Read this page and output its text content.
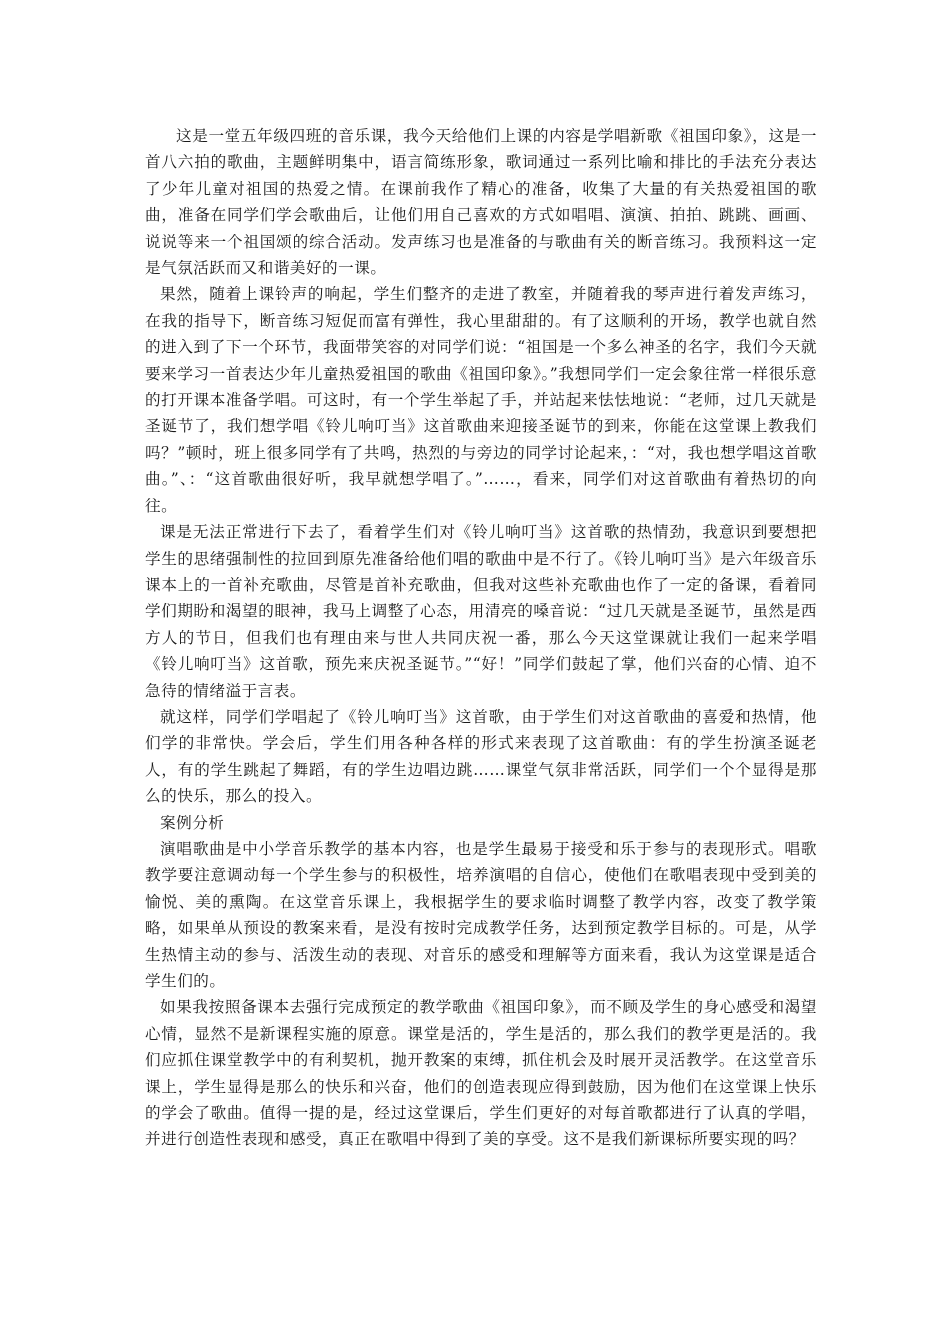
这是一堂五年级四班的音乐课，我今天给他们上课的内容是学唱新歌《祖国印象》，这是一首八六拍的歌曲，主题鲜明集中，语言简练形象，歌词通过一系列比喻和排比的手法充分表达了少年儿童对祖国的热爱之情。在课前我作了精心的准备，收集了大量的有关热爱祖国的歌曲，准备在同学们学会歌曲后，让他们用自己喜欢的方式如唱唱、演演、拍拍、跳跳、画画、说说等来一个祖国颂的综合活动。发声练习也是准备的与歌曲有关的断音练习。我预料这一定是气氛活跃而又和谐美好的一课。

果然，随着上课铃声的响起，学生们整齐的走进了教室，并随着我的琴声进行着发声练习，在我的指导下，断音练习短促而富有弹性，我心里甜甜的。有了这顺利的开场，教学也就自然的进入到了下一个环节，我面带笑容的对同学们说：“祖国是一个多么神圣的名字，我们今天就要来学习一首表达少年儿童热爱祖国的歌曲《祖国印象》。”我想同学们一定会象往常一样很乐意的打开课本准备学唱。可这时，有一个学生举起了手，并站起来怯怯地说：“老师，过几天就是圣诞节了，我们想学唱《铃儿响叮当》这首歌曲来迎接圣诞节的到来，你能在这堂课上教我们吗？”顿时，班上很多同学有了共鸣，热烈的与旁边的同学讨论起来，：“对，我也想学唱这首歌曲。”、：“这首歌曲很好听，我早就想学唱了。”……，看来，同学们对这首歌曲有着热切的向往。

课是无法正常进行下去了，看着学生们对《铃儿响叮当》这首歌的热情劲，我意识到要想把学生的思绪强制性的拉回到原先准备给他们唱的歌曲中是不行了。《铃儿响叮当》是六年级音乐课本上的一首补充歌曲，尽管是首补充歌曲，但我对这些补充歌曲也作了一定的备课，看着同学们期盼和渴望的眼神，我马上调整了心态，用清亮的嗓音说：“过几天就是圣诞节，虽然是西方人的节日，但我们也有理由来与世人共同庆祝一番，那么今天这堂课就让我们一起来学唱《铃儿响叮当》这首歌，预先来庆祝圣诞节。”“好！”同学们鼓起了掌，他们兴奋的心情、迫不急待的情绪溢于言表。

就这样，同学们学唱起了《铃儿响叮当》这首歌，由于学生们对这首歌曲的喜爱和热情，他们学的非常快。学会后，学生们用各种各样的形式来表现了这首歌曲：有的学生扮演圣诞老人，有的学生跳起了舞蹈，有的学生边唱边跳……课堂气氛非常活跃，同学们一个个显得是那么的快乐，那么的投入。

案例分析

演唱歌曲是中小学音乐教学的基本内容，也是学生最易于接受和乐于参与的表现形式。唱歌教学要注意调动每一个学生参与的积极性，培养演唱的自信心，使他们在歌唱表现中受到美的愉悦、美的熏陶。在这堂音乐课上，我根据学生的要求临时调整了教学内容，改变了教学策略，如果单从预设的教案来看，是没有按时完成教学任务，达到预定教学目标的。可是，从学生热情主动的参与、活泼生动的表现、对音乐的感受和理解等方面来看，我认为这堂课是适合学生们的。

如果我按照备课本去强行完成预定的教学歌曲《祖国印象》，而不顾及学生的身心感受和渴望心情，显然不是新课程实施的原意。课堂是活的，学生是活的，那么我们的教学更是活的。我们应抓住课堂教学中的有利契机，抛开教案的束缚，抓住机会及时展开灵活教学。在这堂音乐课上，学生显得是那么的快乐和兴奋，他们的创造表现应得到鼓励，因为他们在这堂课上快乐的学会了歌曲。值得一提的是，经过这堂课后，学生们更好的对每首歌都进行了认真的学唱，并进行创造性表现和感受，真正在歌唱中得到了美的享受。这不是我们新课标所要实现的吗？
